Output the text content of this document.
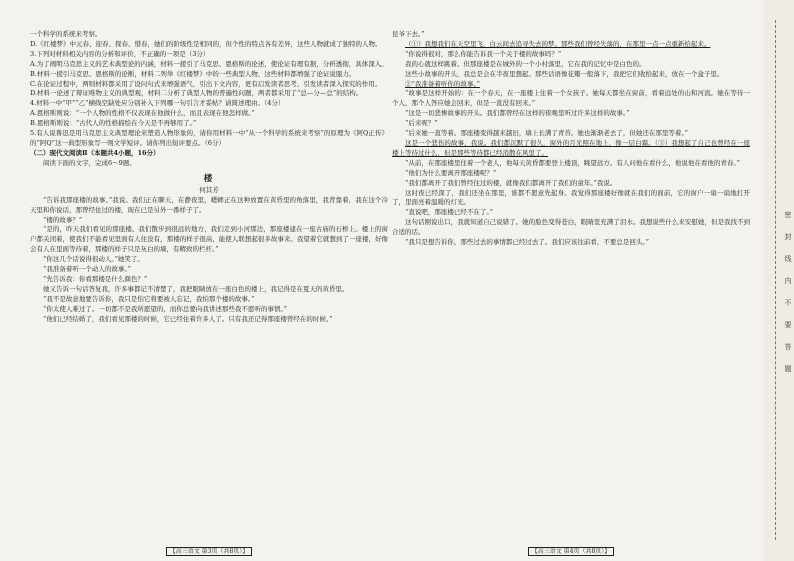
一个科学的系统来考察。

D.《红楼梦》中元春、迎春、探春、惜春，她们的阶级性是相同的，但个性的特点各有差异，这些人物就成了独特的人物。

3.下列对材料相关内容的分析和评价，不正确的一项是（3分）

A.为了阐明马克思主义的艺术典型论的内涵，材料一援引了马克思、恩格斯的论述，使论证有理有据，分析透彻，具体深入。

B.材料一援引马克思、恩格斯的论断，材料二列举《红楼梦》中的一些典型人物，这些材料都增强了论证说服力。

C.在论证过程中，两则材料都采用了设问句式来增强语气，引出下文内容，更有启发读者思考、引发读者深入探究的作用。

D.材料一论述了辩证唯物主义的典型观，材料二分析了典型人物的普遍性问题，两者都采用了“总—分—总”的结构。

4.材料一中“甲”“乙”横线空缺处应分别补入下列哪一句引言才妥帖？请简述理由。（4分）

A.恩格斯则说：“一个人物的性格不仅表现在他做什么，而且表现在他怎样做。”

B.恩格斯则说：“古代人的性格描绘在今天是不再够用了。”

5.有人说鲁迅是用马克思主义典型理论来塑造人物形象的，请你用材料一中“从一个科学的系统来考察”的原理为《阿Q正传》的“阿Q”这一典型形象写一则文学短评。请你列出短评要点。（6分）

（二）现代文阅读Ⅱ（本题共4小题，16分）

阅读下面的文字，完成6～9题。

楼
何其芳

“告诉我那座楼的故事。”我说。我们正在聊天，在静夜里，蟋蟀正在这种放置在黄昏里的角落里，我背靠着，我在这个冷天里和你说话，那曾经住过的楼，现在已是另外一番样子了。

“楼的故事？”

“是的，昨天我们看见的那座楼。我们散步到很远的地方，我们走到小河那边，那座楼建在一座古庙的石桥上。楼上的窗户都关闭着，使我们不能看见里面有人住没有，那楼的样子很高，能使人联想起很多故事来。我望着它就想到了一座楼，好像会有人在里面等待着，那楼的样子只是灰白的墙，有精致的栏杆。”

“你这几个话说得很动人。”她笑了。

“我准备着听一个动人的故事。”

“先告诉我：你看那楼是什么颜色？”

她又告诉一句话答复我，许多事都记不清楚了，我把眼睛放在一座白色的楼上，我记得是在夏天的黄昏里。

“我不是故意地要告诉你，我只是怕它将要被人忘记，我怕那个楼的故事。”

“你太使人难过了。一切都不是我所愿望的，而你总要向我讲述那些我不愿听的事情。”

“他们已经结婚了，我们看见那楼的时候，它已经住着许多人了。只有我还记得那座楼曾经在的时候。”

【高三语文 第3页（共8页）】

昆爷下去。”

（①）我想我们在天空里飞，白云间去追寻失去的梦。那些我们曾经失落的，在那里一点一点重新拾起来。

“你说得很对，那么你能告诉我一个关于楼的故事吗？”

我的心就这样跳着。但那座楼是在城外的一个小村落里，它在我的记忆中是白色的。

这些小故事的开头，我总是会在半夜里想起。那些话语像花瓣一般落下，我把它们收拾起来，放在一个盒子里。

②“我准备着听你的故事。”

“故事是这样开始的：在一个春天，在一座楼上住着一个女孩子。她每天都坐在窗前，看着远处的山和河流。她在等待一个人，那个人答应她会回来，但是一直没有回来。”

“这是一切悲惨故事的开头。我们都曾经在这样的夜晚里听过许多这样的故事。”

“后来呢？”

“后来她一直等着。那座楼变得越来越旧，墙上长满了青苔。她也渐渐老去了，但她还在那里等着。”

这是一个悲伤的故事，我说。我们都沉默了很久，窗外的月光照在地上，像一层白霜。（③）我想起了自己也曾经在一座楼上等待过什么，但是那些等待都已经消散在风里了。

“从前，在那座楼里住着一个老人，他每天黄昏都要登上楼顶，眺望远方。有人问他在看什么，他说他在看他的青春。”

“他们为什么要离开那座楼呢？”

“我们都离开了我们曾经住过的楼，就像我们都离开了我们的童年。”我说。

这时夜已经深了，我们还坐在那里，谁都不愿意先起身。我觉得那座楼好像就在我们的面前，它的窗户一扇一扇地打开了，里面亮着温暖的灯光。

“直说吧，那座楼已经不在了。”

这句话刚说出口，我就知道自己说错了。她的脸色变得苍白，眼睛里充满了泪水。我想说些什么来安慰她，但是我找不到合适的话。

“我只是想告诉你，那些过去的事情都已经过去了。我们应该往前看，不要总是回头。”

【高三语文 第4页（共8页）】
密
封
线
内
不
要
答
题
